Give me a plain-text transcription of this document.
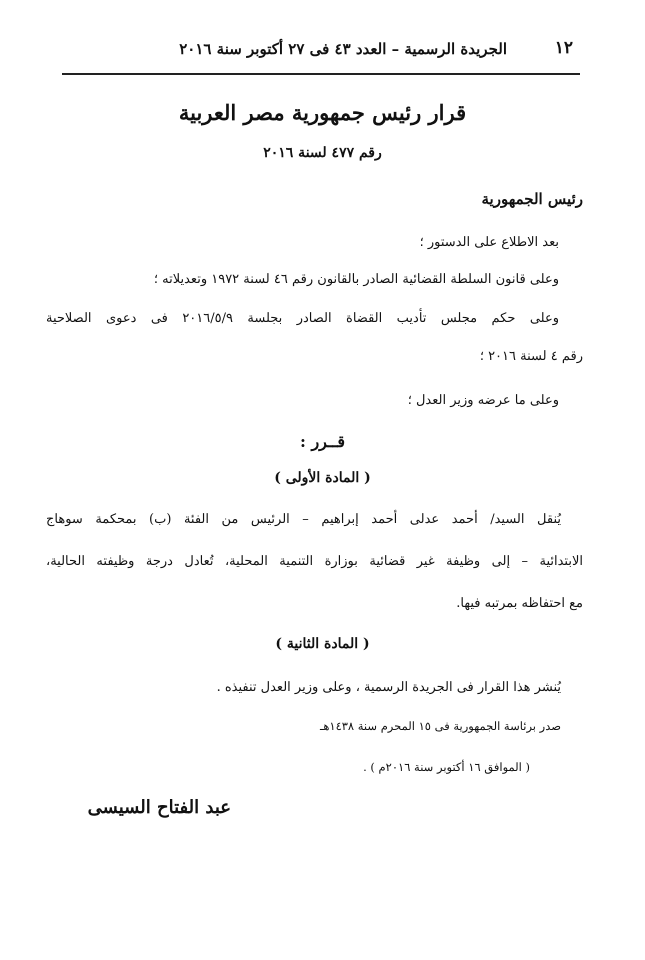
١٢
الجريدة الرسمية – العدد ٤٣ فى ٢٧ أكتوبر سنة ٢٠١٦
قرار رئيس جمهورية مصر العربية
رقم ٤٧٧ لسنة ٢٠١٦
رئيس الجمهورية
بعد الاطلاع على الدستور ؛
وعلى قانون السلطة القضائية الصادر بالقانون رقم ٤٦ لسنة ١٩٧٢ وتعديلاته ؛
وعلى حكم مجلس تأديب القضاة الصادر بجلسة ٢٠١٦/٥/٩ فى دعوى الصلاحية
رقم ٤ لسنة ٢٠١٦ ؛
وعلى ما عرضه وزير العدل ؛
قــرر :
( المادة الأولى )
يُنقل السيد/ أحمد عدلى أحمد إبراهيم – الرئيس من الفئة (ب) بمحكمة سوهاج
الابتدائية – إلى وظيفة غير قضائية بوزارة التنمية المحلية، تُعادل درجة وظيفته الحالية،
مع احتفاظه بمرتبه فيها.
( المادة الثانية )
يُنشر هذا القرار فى الجريدة الرسمية ، وعلى وزير العدل تنفيذه .
صدر برئاسة الجمهورية فى ١٥ المحرم سنة ١٤٣٨هـ
( الموافق ١٦ أكتوبر سنة ٢٠١٦م ) .
عبد الفتاح السيسى
